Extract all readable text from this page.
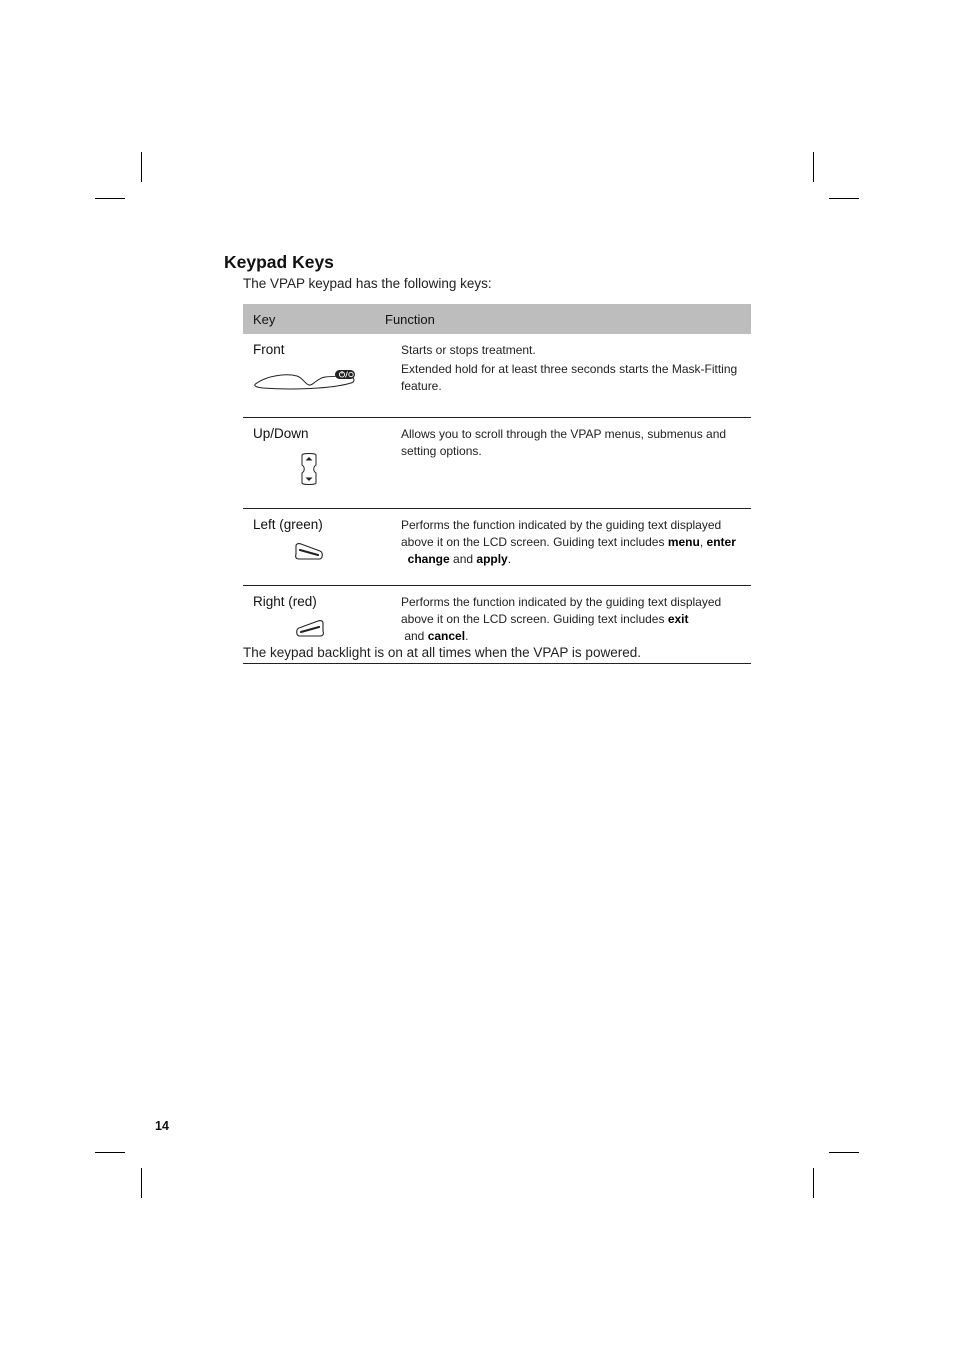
Keypad Keys

The VPAP keypad has the following keys:

Key	Function

Front	Starts or stops treatment.

Extended hold for at least three seconds starts the Mask-Fitting feature.

Up/Down	Allows you to scroll through the VPAP menus, submenus and setting options.

Left (green)	Performs the function indicated by the guiding text displayed above it on the LCD screen. Guiding text includes menu, enter  change and apply.

Right (red)	Performs the function indicated by the guiding text displayed above it on the LCD screen. Guiding text includes exit and cancel.

The keypad backlight is on at all times when the VPAP is powered.

14
